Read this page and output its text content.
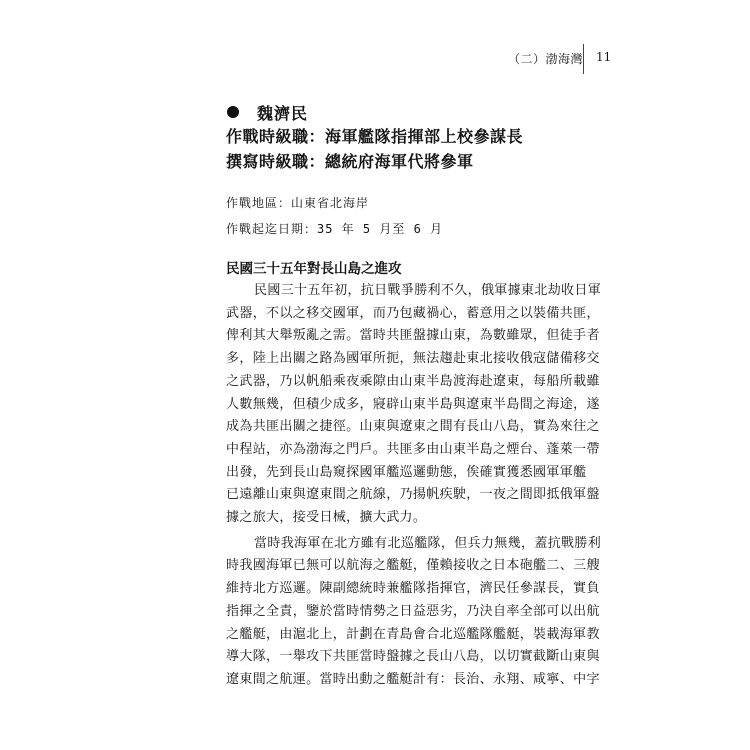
（二）渤海灣 11
魏濟民
作戰時級職：海軍艦隊指揮部上校參謀長
撰寫時級職：總統府海軍代將參軍
作戰地區：山東省北海岸
作戰起迄日期：35 年 5 月至 6 月
民國三十五年對長山島之進攻
民國三十五年初，抗日戰爭勝利不久，俄軍據東北劫收日軍
武器，不以之移交國軍，而乃包藏禍心，蓄意用之以裝備共匪，
俾利其大舉叛亂之需。當時共匪盤據山東，為數雖眾，但徒手者
多，陸上出關之路為國軍所扼，無法趨赴東北接收俄寇儲備移交
之武器，乃以帆船乘夜乘隙由山東半島渡海赴遼東，每船所載雖
人數無幾，但積少成多，寢辟山東半島與遼東半島間之海途，遂
成為共匪出關之捷徑。山東與遼東之間有長山八島，實為來往之
中程站，亦為渤海之門戶。共匪多由山東半島之煙台、蓬萊一帶
出發，先到長山島窺探國軍艦巡邏動態，俟確實獲悉國軍軍艦
已遠離山東與遼東間之航線，乃揚帆疾駛，一夜之間即抵俄軍盤
據之旅大，接受日械，擴大武力。
當時我海軍在北方雖有北巡艦隊，但兵力無幾，蓋抗戰勝利
時我國海軍已無可以航海之艦艇，僅賴接收之日本砲艦二、三艘
維持北方巡邏。陳副總統時兼艦隊指揮官，濟民任參謀長，實負
指揮之全責，鑒於當時情勢之日益惡劣，乃決自率全部可以出航
之艦艇，由滬北上，計劃在青島會合北巡艦隊艦艇，裝載海軍教
導大隊，一舉攻下共匪當時盤據之長山八島，以切實截斷山東與
遼東間之航運。當時出動之艦艇計有：長治、永翔、咸寧、中字
